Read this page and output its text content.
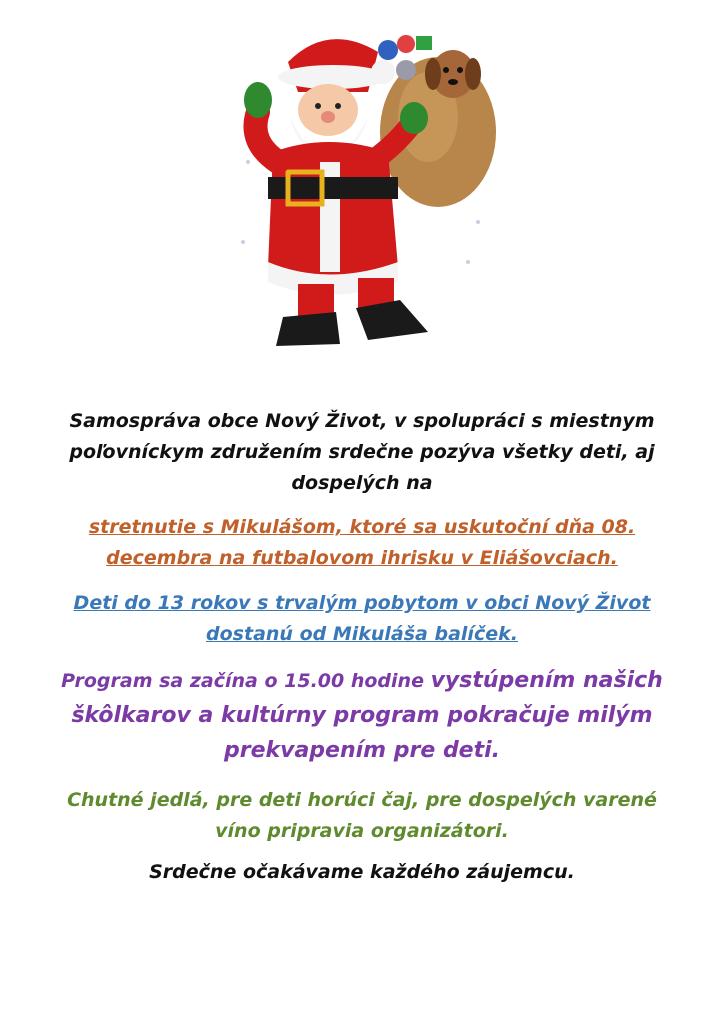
Samospráva obce Nový Život, v spolupráci s miestnym poľovníckym združením srdečne pozýva všetky deti, aj dospelých na
stretnutie s Mikulášom, ktoré sa uskutoční dňa 08. decembra na futbalovom ihrisku v Eliášovciach.
Deti do 13 rokov s trvalým pobytom v obci Nový Život dostanú od Mikuláša balíček.
Program sa začína o 15.00 hodine vystúpením našich škôlkarov a kultúrny program pokračuje milým prekvapením pre deti.
Chutné jedlá, pre deti horúci čaj, pre dospelých varené víno pripravia organizátori.
Srdečne očakávame každého záujemcu.
